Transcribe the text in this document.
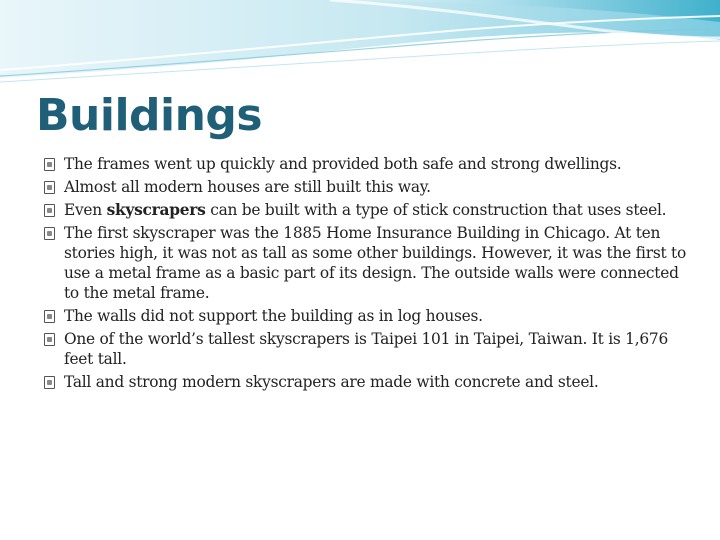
Buildings
The frames went up quickly and provided both safe and strong dwellings.
Almost all modern houses are still built this way.
Even skyscrapers can be built with a type of stick construction that uses steel.
The first skyscraper was the 1885 Home Insurance Building in Chicago. At ten stories high, it was not as tall as some other buildings. However, it was the first to use a metal frame as a basic part of its design. The outside walls were connected to the metal frame.
The walls did not support the building as in log houses.
One of the world’s tallest skyscrapers is Taipei 101 in Taipei, Taiwan. It is 1,676 feet tall.
Tall and strong modern skyscrapers are made with concrete and steel.
